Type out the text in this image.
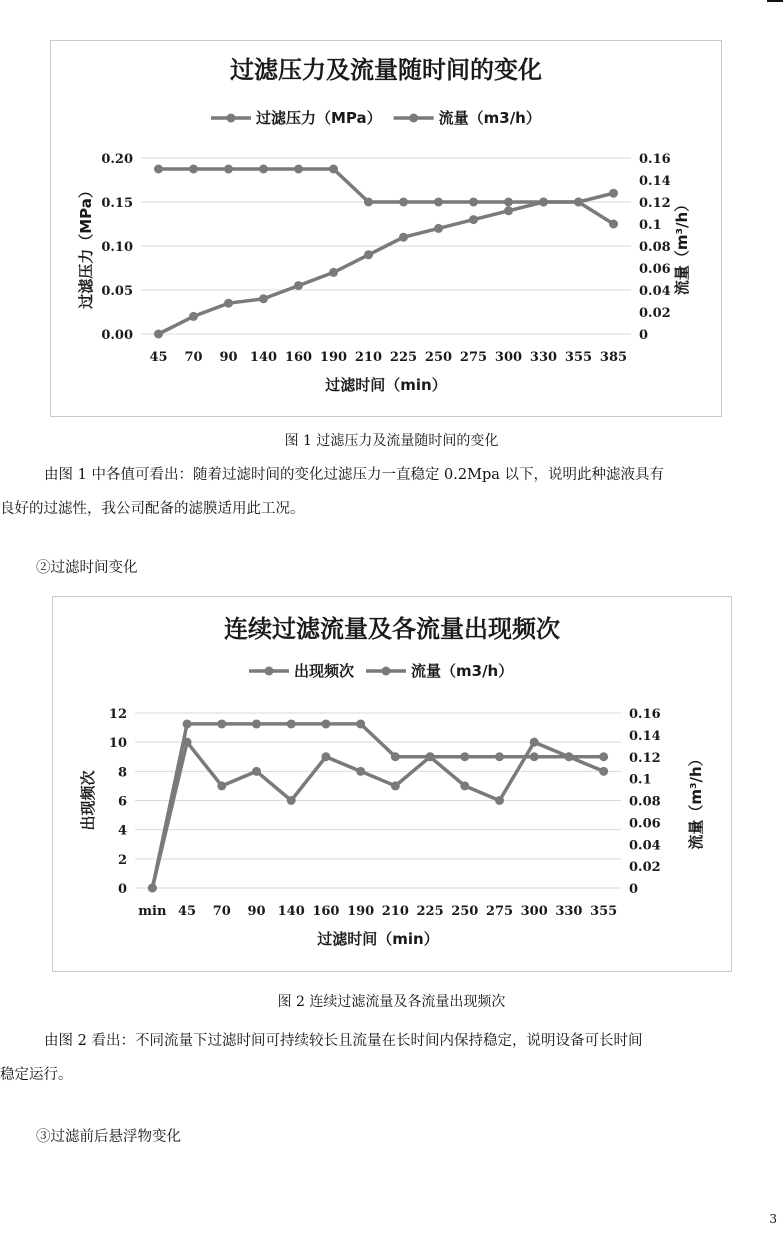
过滤压力及流量随时间的变化
过滤压力（MPa）	流量（m3/h）
0.00
0.05
0.10
0.15
0.20
0
0.02
0.04
0.06
0.08
0.1
0.12
0.14
0.16
45 70 90 140 160 190 210 225 250 275 300 330 355 385
过滤时间（min）
过滤压力（MPa）	流量（m³/h）
图 1 过滤压力及流量随时间的变化

由图 1 中各值可看出：随着过滤时间的变化过滤压力一直稳定 0.2Mpa 以下，说明此种滤液具有

良好的过滤性，我公司配备的滤膜适用此工况。

②过滤时间变化
连续过滤流量及各流量出现频次
出现频次	流量（m3/h）
0
2
4
6
8
10
12
0
0.02
0.04
0.06
0.08
0.1
0.12
0.14
0.16
min 45 70 90 140 160 190 210 225 250 275 300 330 355
过滤时间（min）
出现频次	流量（m³/h）
图 2 连续过滤流量及各流量出现频次

由图 2 看出：不同流量下过滤时间可持续较长且流量在长时间内保持稳定，说明设备可长时间

稳定运行。

③过滤前后悬浮物变化
3
